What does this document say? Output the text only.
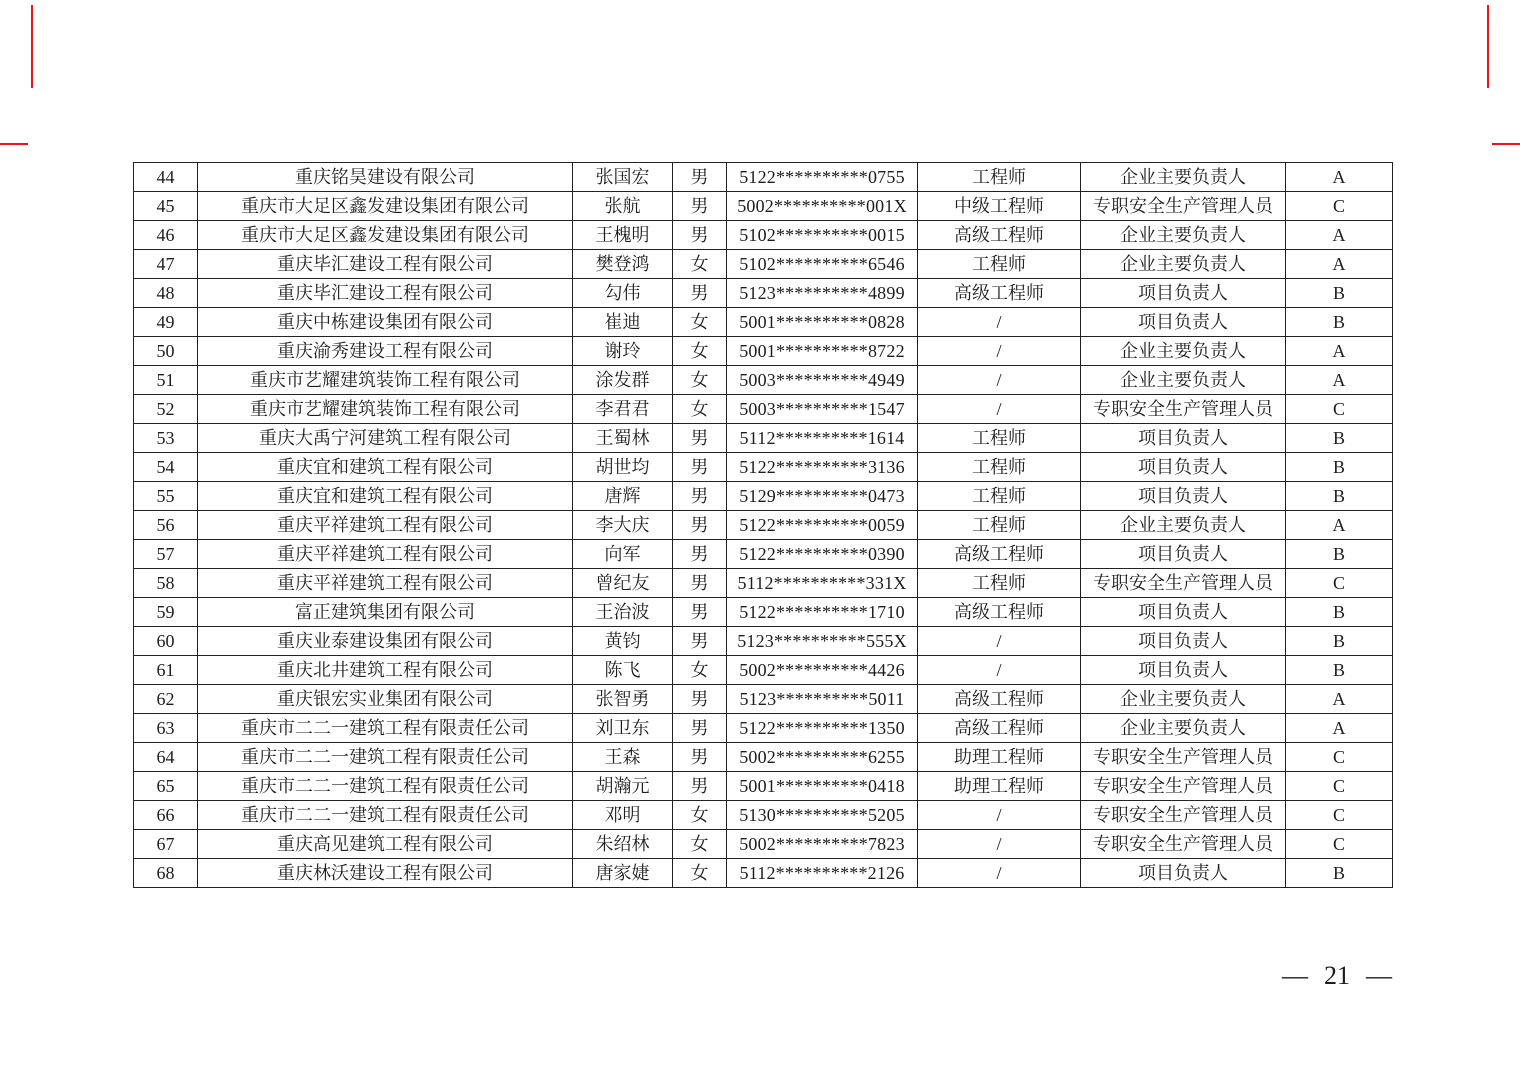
44	重庆铭昊建设有限公司	张国宏	男	5122**********0755	工程师	企业主要负责人	A
45	重庆市大足区鑫发建设集团有限公司	张航	男	5002**********001X	中级工程师	专职安全生产管理人员	C
46	重庆市大足区鑫发建设集团有限公司	王槐明	男	5102**********0015	高级工程师	企业主要负责人	A
47	重庆毕汇建设工程有限公司	樊登鸿	女	5102**********6546	工程师	企业主要负责人	A
48	重庆毕汇建设工程有限公司	勾伟	男	5123**********4899	高级工程师	项目负责人	B
49	重庆中栋建设集团有限公司	崔迪	女	5001**********0828	/	项目负责人	B
50	重庆渝秀建设工程有限公司	谢玲	女	5001**********8722	/	企业主要负责人	A
51	重庆市艺耀建筑装饰工程有限公司	涂发群	女	5003**********4949	/	企业主要负责人	A
52	重庆市艺耀建筑装饰工程有限公司	李君君	女	5003**********1547	/	专职安全生产管理人员	C
53	重庆大禹宁河建筑工程有限公司	王蜀林	男	5112**********1614	工程师	项目负责人	B
54	重庆宜和建筑工程有限公司	胡世均	男	5122**********3136	工程师	项目负责人	B
55	重庆宜和建筑工程有限公司	唐辉	男	5129**********0473	工程师	项目负责人	B
56	重庆平祥建筑工程有限公司	李大庆	男	5122**********0059	工程师	企业主要负责人	A
57	重庆平祥建筑工程有限公司	向军	男	5122**********0390	高级工程师	项目负责人	B
58	重庆平祥建筑工程有限公司	曾纪友	男	5112**********331X	工程师	专职安全生产管理人员	C
59	富正建筑集团有限公司	王治波	男	5122**********1710	高级工程师	项目负责人	B
60	重庆业泰建设集团有限公司	黄钧	男	5123**********555X	/	项目负责人	B
61	重庆北井建筑工程有限公司	陈飞	女	5002**********4426	/	项目负责人	B
62	重庆银宏实业集团有限公司	张智勇	男	5123**********5011	高级工程师	企业主要负责人	A
63	重庆市二二一建筑工程有限责任公司	刘卫东	男	5122**********1350	高级工程师	企业主要负责人	A
64	重庆市二二一建筑工程有限责任公司	王森	男	5002**********6255	助理工程师	专职安全生产管理人员	C
65	重庆市二二一建筑工程有限责任公司	胡瀚元	男	5001**********0418	助理工程师	专职安全生产管理人员	C
66	重庆市二二一建筑工程有限责任公司	邓明	女	5130**********5205	/	专职安全生产管理人员	C
67	重庆高见建筑工程有限公司	朱绍林	女	5002**********7823	/	专职安全生产管理人员	C
68	重庆林沃建设工程有限公司	唐家婕	女	5112**********2126	/	项目负责人	B
— 21 —
